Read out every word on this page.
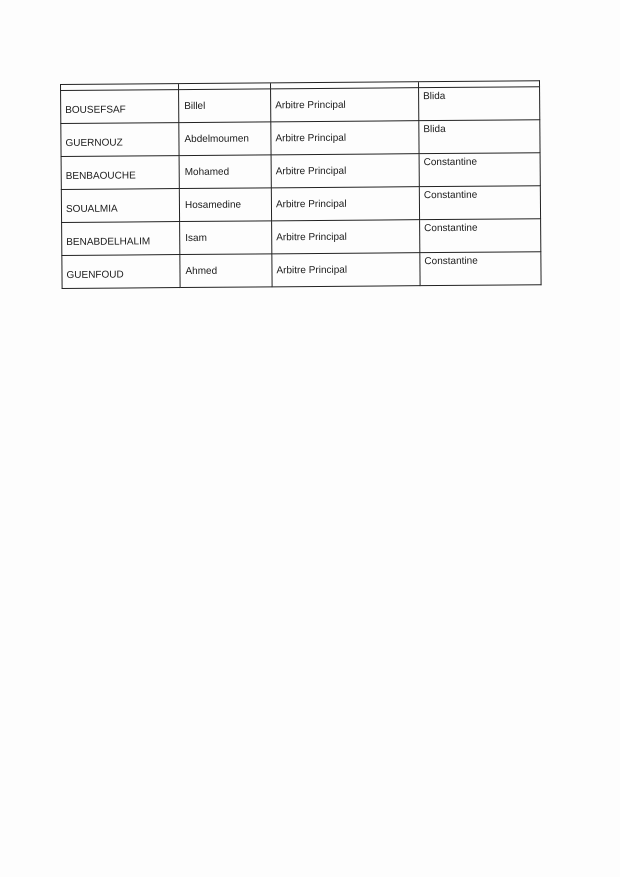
BOUSEFSAF	Billel	Arbitre Principal	Blida
GUERNOUZ	Abdelmoumen	Arbitre Principal	Blida
BENBAOUCHE	Mohamed	Arbitre Principal	Constantine
SOUALMIA	Hosamedine	Arbitre Principal	Constantine
BENABDELHALIM	Isam	Arbitre Principal	Constantine
GUENFOUD	Ahmed	Arbitre Principal	Constantine
